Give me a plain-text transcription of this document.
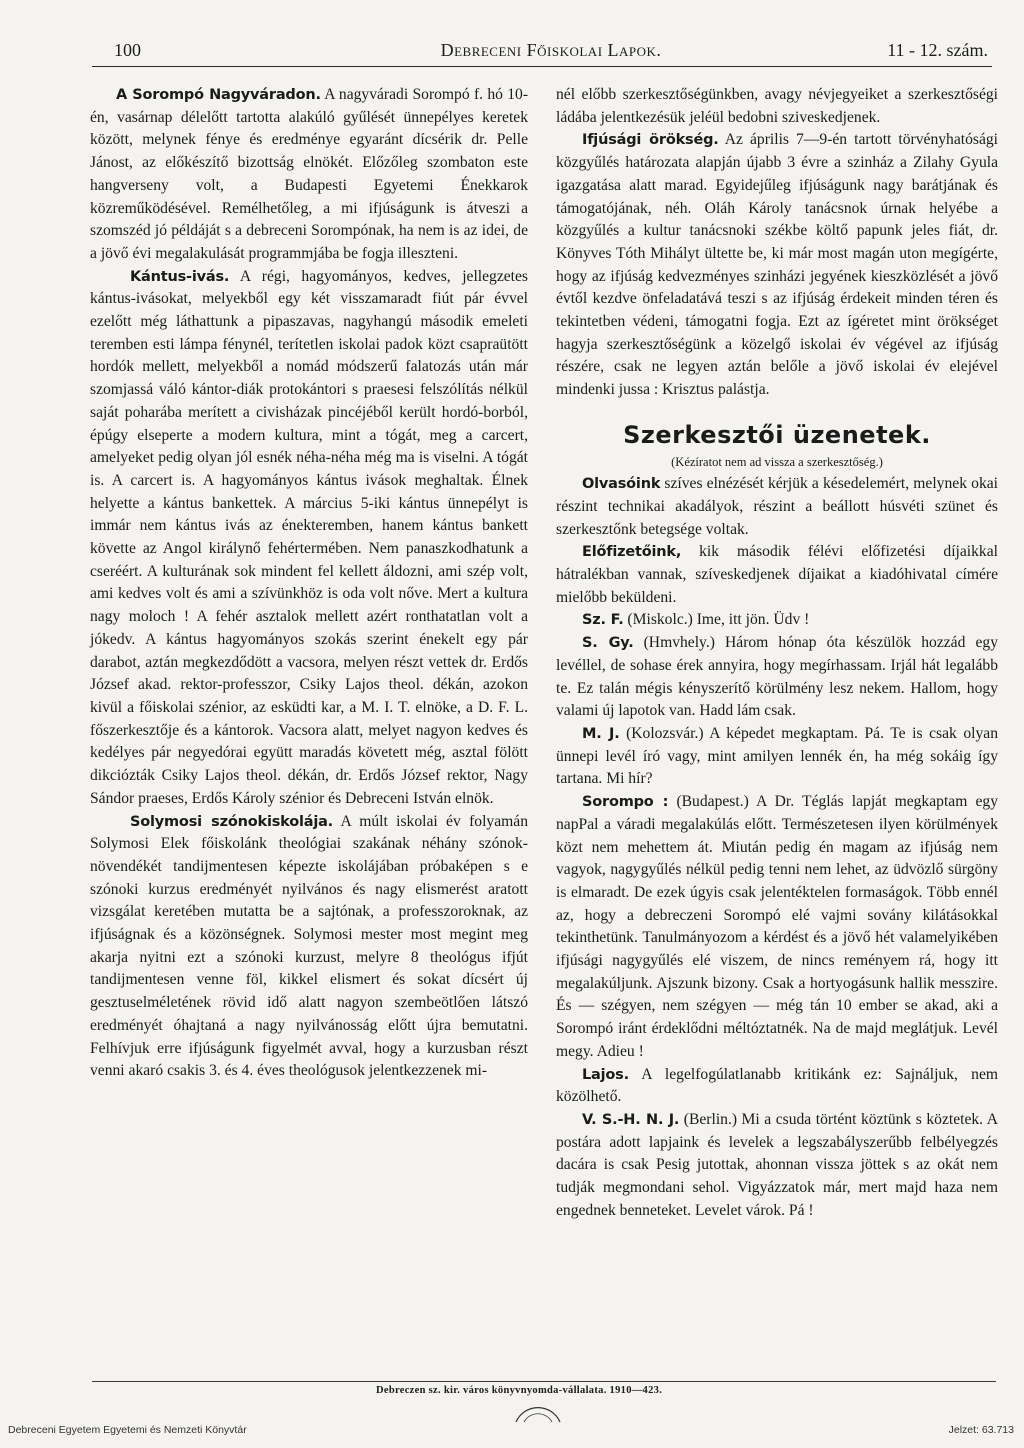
100	Debreceni Főiskolai Lapok.	11 - 12. szám.

A Sorompó Nagyváradon. A nagyváradi Sorompó f. hó 10-én, vasárnap délelőtt tartotta alakúló gyűlését ünnepélyes keretek között, melynek fénye és eredménye egyaránt dícsérik dr. Pelle Jánost, az előkészítő bizottság elnökét. Előzőleg szombaton este hangverseny volt, a Budapesti Egyetemi Énekkarok közreműködésével. Remélhetőleg, a mi ifjúságunk is átveszi a szomszéd jó példáját s a debreceni Sorompónak, ha nem is az idei, de a jövő évi megalakulását programmjába be fogja illeszteni.

Kántus-ivás. A régi, hagyományos, kedves, jellegzetes kántus-ivásokat, melyekből egy két visszamaradt fiút pár évvel ezelőtt még láthattunk a pipaszavas, nagyhangú második emeleti teremben esti lámpa fénynél, terítetlen iskolai padok közt csapraütött hordók mellett, melyekből a nomád módszerű falatozás után már szomjassá váló kántor-diák protokántori s praesesi felszólítás nélkül saját poharába merített a civisházak pincéjéből került hordó-borból, épúgy elseperte a modern kultura, mint a tógát, meg a carcert, amelyeket pedig olyan jól esnék néha-néha még ma is viselni. A tógát is. A carcert is. A hagyományos kántus ivások meghaltak. Élnek helyette a kántus bankettek. A március 5-iki kántus ünnepélyt is immár nem kántus ivás az énekteremben, hanem kántus bankett követte az Angol királynő fehértermében. Nem panaszkodhatunk a cseréért. A kulturának sok mindent fel kellett áldozni, ami szép volt, ami kedves volt és ami a szívünkhöz is oda volt nőve. Mert a kultura nagy moloch ! A fehér asztalok mellett azért ronthatatlan volt a jókedv. A kántus hagyományos szokás szerint énekelt egy pár darabot, aztán megkezdődött a vacsora, melyen részt vettek dr. Erdős József akad. rektor-professzor, Csiky Lajos theol. dékán, azokon kivül a főiskolai szénior, az esküdti kar, a M. I. T. elnöke, a D. F. L. főszerkesztője és a kántorok. Vacsora alatt, melyet nagyon kedves és kedélyes pár negyedórai együtt maradás követett még, asztal fölött dikciózták Csiky Lajos theol. dékán, dr. Erdős József rektor, Nagy Sándor praeses, Erdős Károly szénior és Debreceni István elnök.

Solymosi szónokiskolája. A múlt iskolai év folyamán Solymosi Elek főiskolánk theológiai szakának néhány szónok-növendékét tandijmentesen képezte iskolájában próbaképen s e szónoki kurzus eredményét nyilvános és nagy elismerést aratott vizsgálat keretében mutatta be a sajtónak, a professzoroknak, az ifjúságnak és a közönségnek. Solymosi mester most megint meg akarja nyitni ezt a szónoki kurzust, melyre 8 theológus ifjút tandijmentesen venne föl, kikkel elismert és sokat dícsért új gesztuselméletének rövid idő alatt nagyon szembeötlően látszó eredményét óhajtaná a nagy nyilvánosság előtt újra bemutatni. Felhívjuk erre ifjúságunk figyelmét avval, hogy a kurzusban részt venni akaró csakis 3. és 4. éves theológusok jelentkezzenek mi-

nél előbb szerkesztőségünkben, avagy névjegyeiket a szerkesztőségi ládába jelentkezésük jeléül bedobni sziveskedjenek.

Ifjúsági örökség. Az április 7—9-én tartott törvényhatósági közgyűlés határozata alapján újabb 3 évre a szinház a Zilahy Gyula igazgatása alatt marad. Egyidejűleg ifjúságunk nagy barátjának és támogatójának, néh. Oláh Károly tanácsnok úrnak helyébe a közgyűlés a kultur tanácsnoki székbe költő papunk jeles fiát, dr. Könyves Tóth Mihályt ültette be, ki már most magán uton megígérte, hogy az ifjúság kedvezményes szinházi jegyének kieszközlését a jövő évtől kezdve önfeladatává teszi s az ifjúság érdekeit minden téren és tekintetben védeni, támogatni fogja. Ezt az ígéretet mint örökséget hagyja szerkesztőségünk a közelgő iskolai év végével az ifjúság részére, csak ne legyen aztán belőle a jövő iskolai év elejével mindenki jussa : Krisztus palástja.

Szerkesztői üzenetek.

(Kézíratot nem ad vissza a szerkesztőség.)

Olvasóink szíves elnézését kérjük a késedelemért, melynek okai részint technikai akadályok, részint a beállott húsvéti szünet és szerkesztőnk betegsége voltak.

Előfizetőink, kik második félévi előfizetési díjaikkal hátralékban vannak, szíveskedjenek díjaikat a kiadóhivatal címére mielőbb beküldeni.

Sz. F. (Miskolc.) Ime, itt jön. Üdv !

S. Gy. (Hmvhely.) Három hónap óta készülök hozzád egy levéllel, de sohase érek annyira, hogy megírhassam. Irjál hát legalább te. Ez talán mégis kényszerítő körülmény lesz nekem. Hallom, hogy valami új lapotok van. Hadd lám csak.

M. J. (Kolozsvár.) A képedet megkaptam. Pá. Te is csak olyan ünnepi levél író vagy, mint amilyen lennék én, ha még sokáig így tartana. Mi hír?

Sorompo : (Budapest.) A Dr. Téglás lapját megkaptam egy napPal a váradi megalakúlás előtt. Természetesen ilyen körülmények közt nem mehettem át. Miután pedig én magam az ifjúság nem vagyok, nagygyűlés nélkül pedig tenni nem lehet, az üdvözlő sürgöny is elmaradt. De ezek úgyis csak jelentéktelen formaságok. Több ennél az, hogy a debreczeni Sorompó elé vajmi sovány kilátásokkal tekinthetünk. Tanulmányozom a kérdést és a jövő hét valamelyikében ifjúsági nagygyűlés elé viszem, de nincs reményem rá, hogy itt megalakúljunk. Ajszunk bizony. Csak a hortyogásunk hallik messzire. És — szégyen, nem szégyen — még tán 10 ember se akad, aki a Sorompó iránt érdeklődni méltóztatnék. Na de majd meglátjuk. Levél megy. Adieu !

Lajos. A legelfogúlatlanabb kritikánk ez: Sajnáljuk, nem közölhető.

V. S.-H. N. J. (Berlin.) Mi a csuda történt köztünk s köztetek. A postára adott lapjaink és levelek a legszabályszerűbb felbélyegzés dacára is csak Pesig jutottak, ahonnan vissza jöttek s az okát nem tudják megmondani sehol. Vigyázzatok már, mert majd haza nem engednek benneteket. Levelet várok. Pá !

Debreczen sz. kir. város könyvnyomda-vállalata. 1910—423.
Debreceni Egyetem Egyetemi és Nemzeti Könyvtár	Jelzet: 63.713
